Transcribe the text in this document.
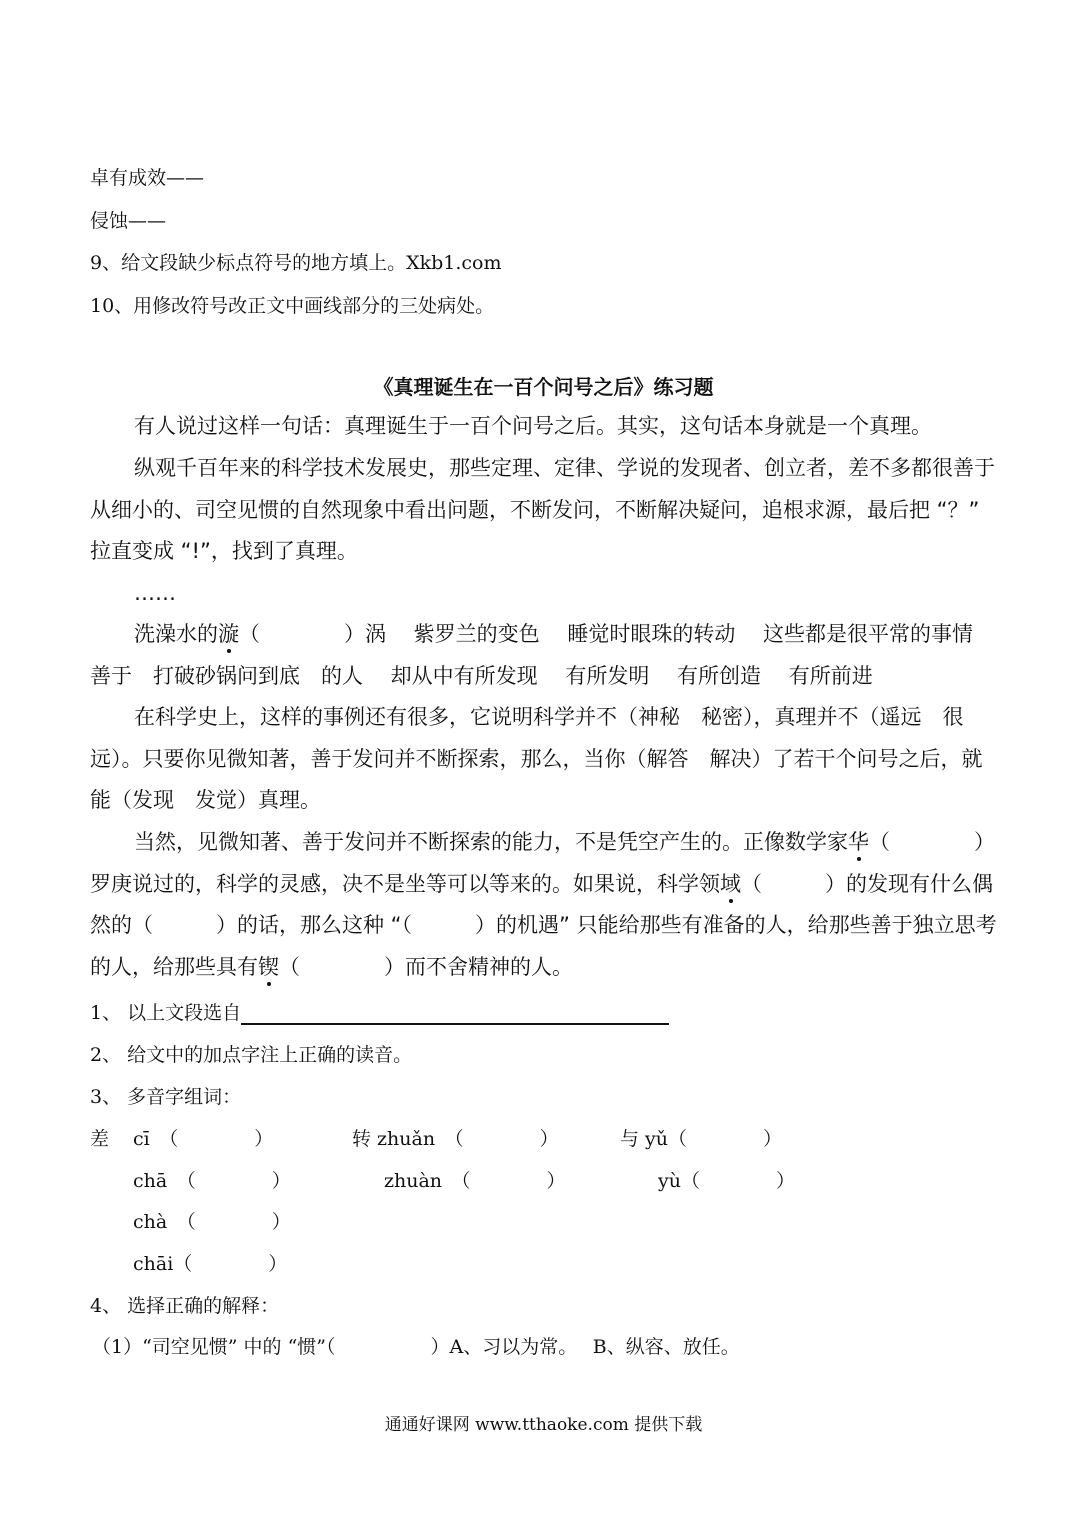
卓有成效——
侵蚀——
9、给文段缺少标点符号的地方填上。Xkb1.com
10、用修改符号改正文中画线部分的三处病处。
《真理诞生在一百个问号之后》练习题
有人说过这样一句话：真理诞生于一百个问号之后。其实，这句话本身就是一个真理。
纵观千百年来的科学技术发展史，那些定理、定律、学说的发现者、创立者，差不多都很善于从细小的、司空见惯的自然现象中看出问题，不断发问，不断解决疑问，追根求源，最后把 “？” 拉直变成 “!”，找到了真理。
……
洗澡水的漩（　　　　）涡　 紫罗兰的变色　 睡觉时眼珠的转动　 这些都是很平常的事情　 善于　打破砂锅问到底　的人　 却从中有所发现　 有所发明　 有所创造　 有所前进
在科学史上，这样的事例还有很多，它说明科学并不（神秘　秘密），真理并不（遥远　很远）。只要你见微知著，善于发问并不断探索，那么，当你（解答　解决）了若干个问号之后，就能（发现　发觉）真理。
当然，见微知著、善于发问并不断探索的能力，不是凭空产生的。正像数学家华（　　　　）罗庚说过的，科学的灵感，决不是坐等可以等来的。如果说，科学领域（　　　）的发现有什么偶然的（　　　）的话，那么这种 “（　　　）的机遇” 只能给那些有准备的人，给那些善于独立思考的人，给那些具有锲（　　　　）而不舍精神的人。
1、 以上文段选自
2、 给文中的加点字注上正确的读音。
3、 多音字组词：
差 cī　（　　　　）
chā　（　　　　）
chà　（　　　　）
chāi（　　　　）
转 zhuǎn　（　　　　）
zhuàn　（　　　　）
与 yǔ（　　　　）
yù（　　　　）
4、 选择正确的解释：
（1）“司空见惯” 中的 “惯”（　　　　　）A、习以为常。　 B、纵容、放任。
通通好课网 www.tthaoke.com 提供下载
